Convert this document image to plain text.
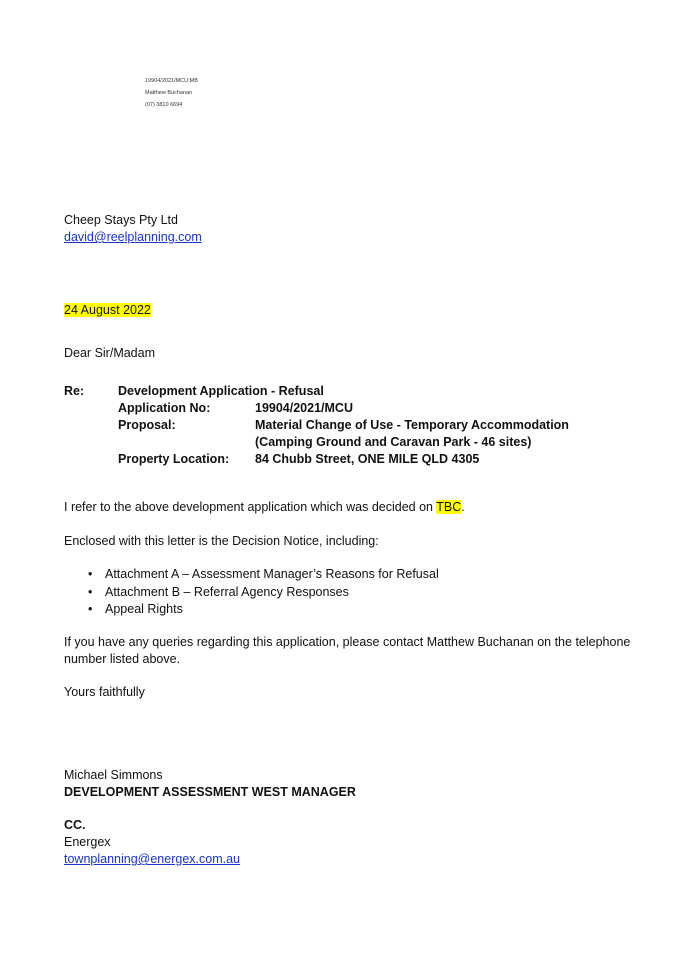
19904/2021/MCU:MB
Matthew Buchanan
(07) 3810 6694
Cheep Stays Pty Ltd
david@reelplanning.com
24 August 2022
Dear Sir/Madam
Re:	Development Application - Refusal
Application No:	19904/2021/MCU
Proposal:	Material Change of Use - Temporary Accommodation (Camping Ground and Caravan Park - 46 sites)
Property Location:	84 Chubb Street, ONE MILE QLD 4305
I refer to the above development application which was decided on TBC.
Enclosed with this letter is the Decision Notice, including:
• Attachment A – Assessment Manager’s Reasons for Refusal
• Attachment B – Referral Agency Responses
• Appeal Rights
If you have any queries regarding this application, please contact Matthew Buchanan on the telephone number listed above.
Yours faithfully
Michael Simmons
DEVELOPMENT ASSESSMENT WEST MANAGER
CC.
Energex
townplanning@energex.com.au
